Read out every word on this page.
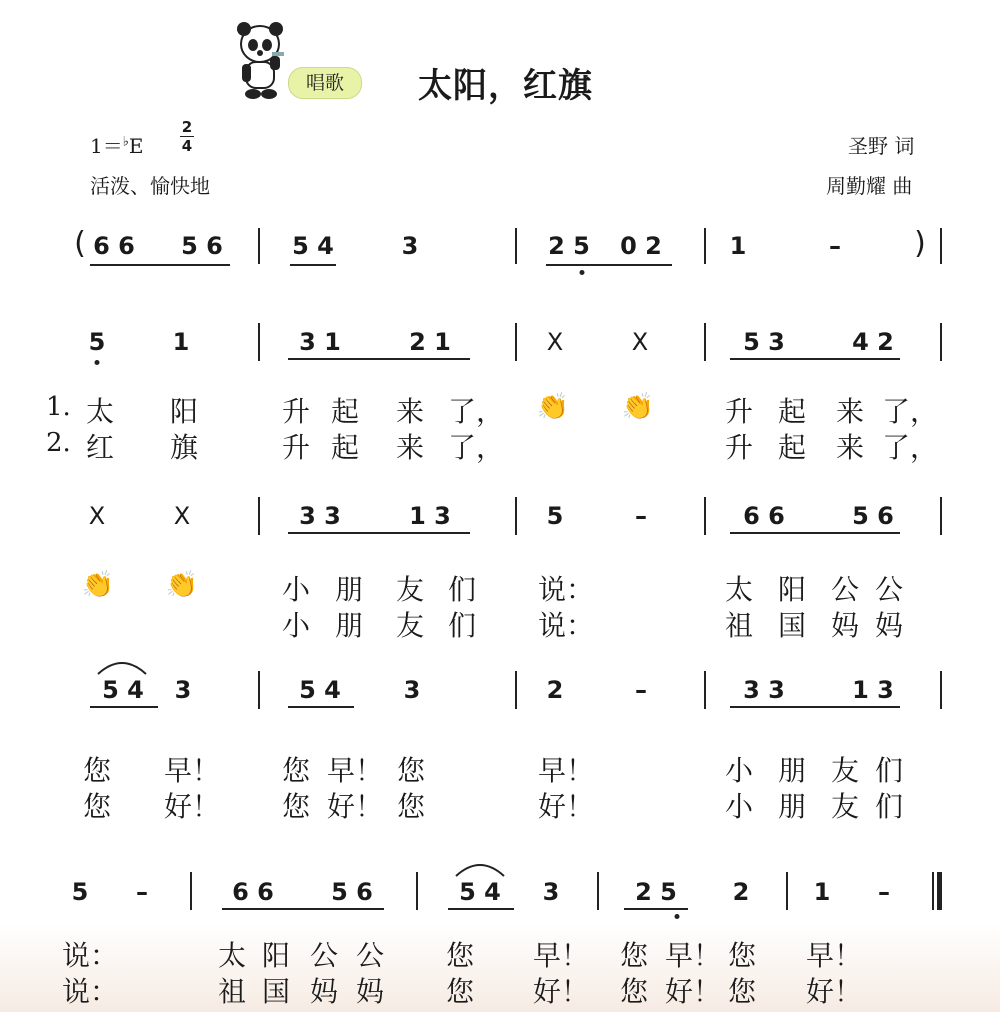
唱歌	太阳，红旗
$1=^♭E \frac{2}{4}$
活泼、愉快地
圣野 词
周勤耀 曲
( 6 6 5 6	5 4	3	2 5 0 2	1	– )
5	1	3 1	2 1	X	X	5 3	4 2
1.
2.
太 阳	升 起 来 了， 👏 👏	升 起 来 了，
红 旗	升 起 来 了，	升 起 来 了，
X	X	3 3	1 3	5	–	6 6	5 6
👏 👏	小 朋 友 们 说：	太 阳 公 公
小 朋 友 们 说：	祖 国 妈 妈
5 4 3	5 4	3	2	–	3 3	1 3
您 早！ 您 早！ 您	早！	小 朋 友 们
您 好！ 您 好！ 您	好！	小 朋 友 们
5 –	6 6 5 6	5 4 3	2 5 2	1 –
说：	太 阳 公 公 您 早！ 您 早！ 您 早！
说：	祖 国 妈 妈 您 好！ 您 好！ 您 好！
